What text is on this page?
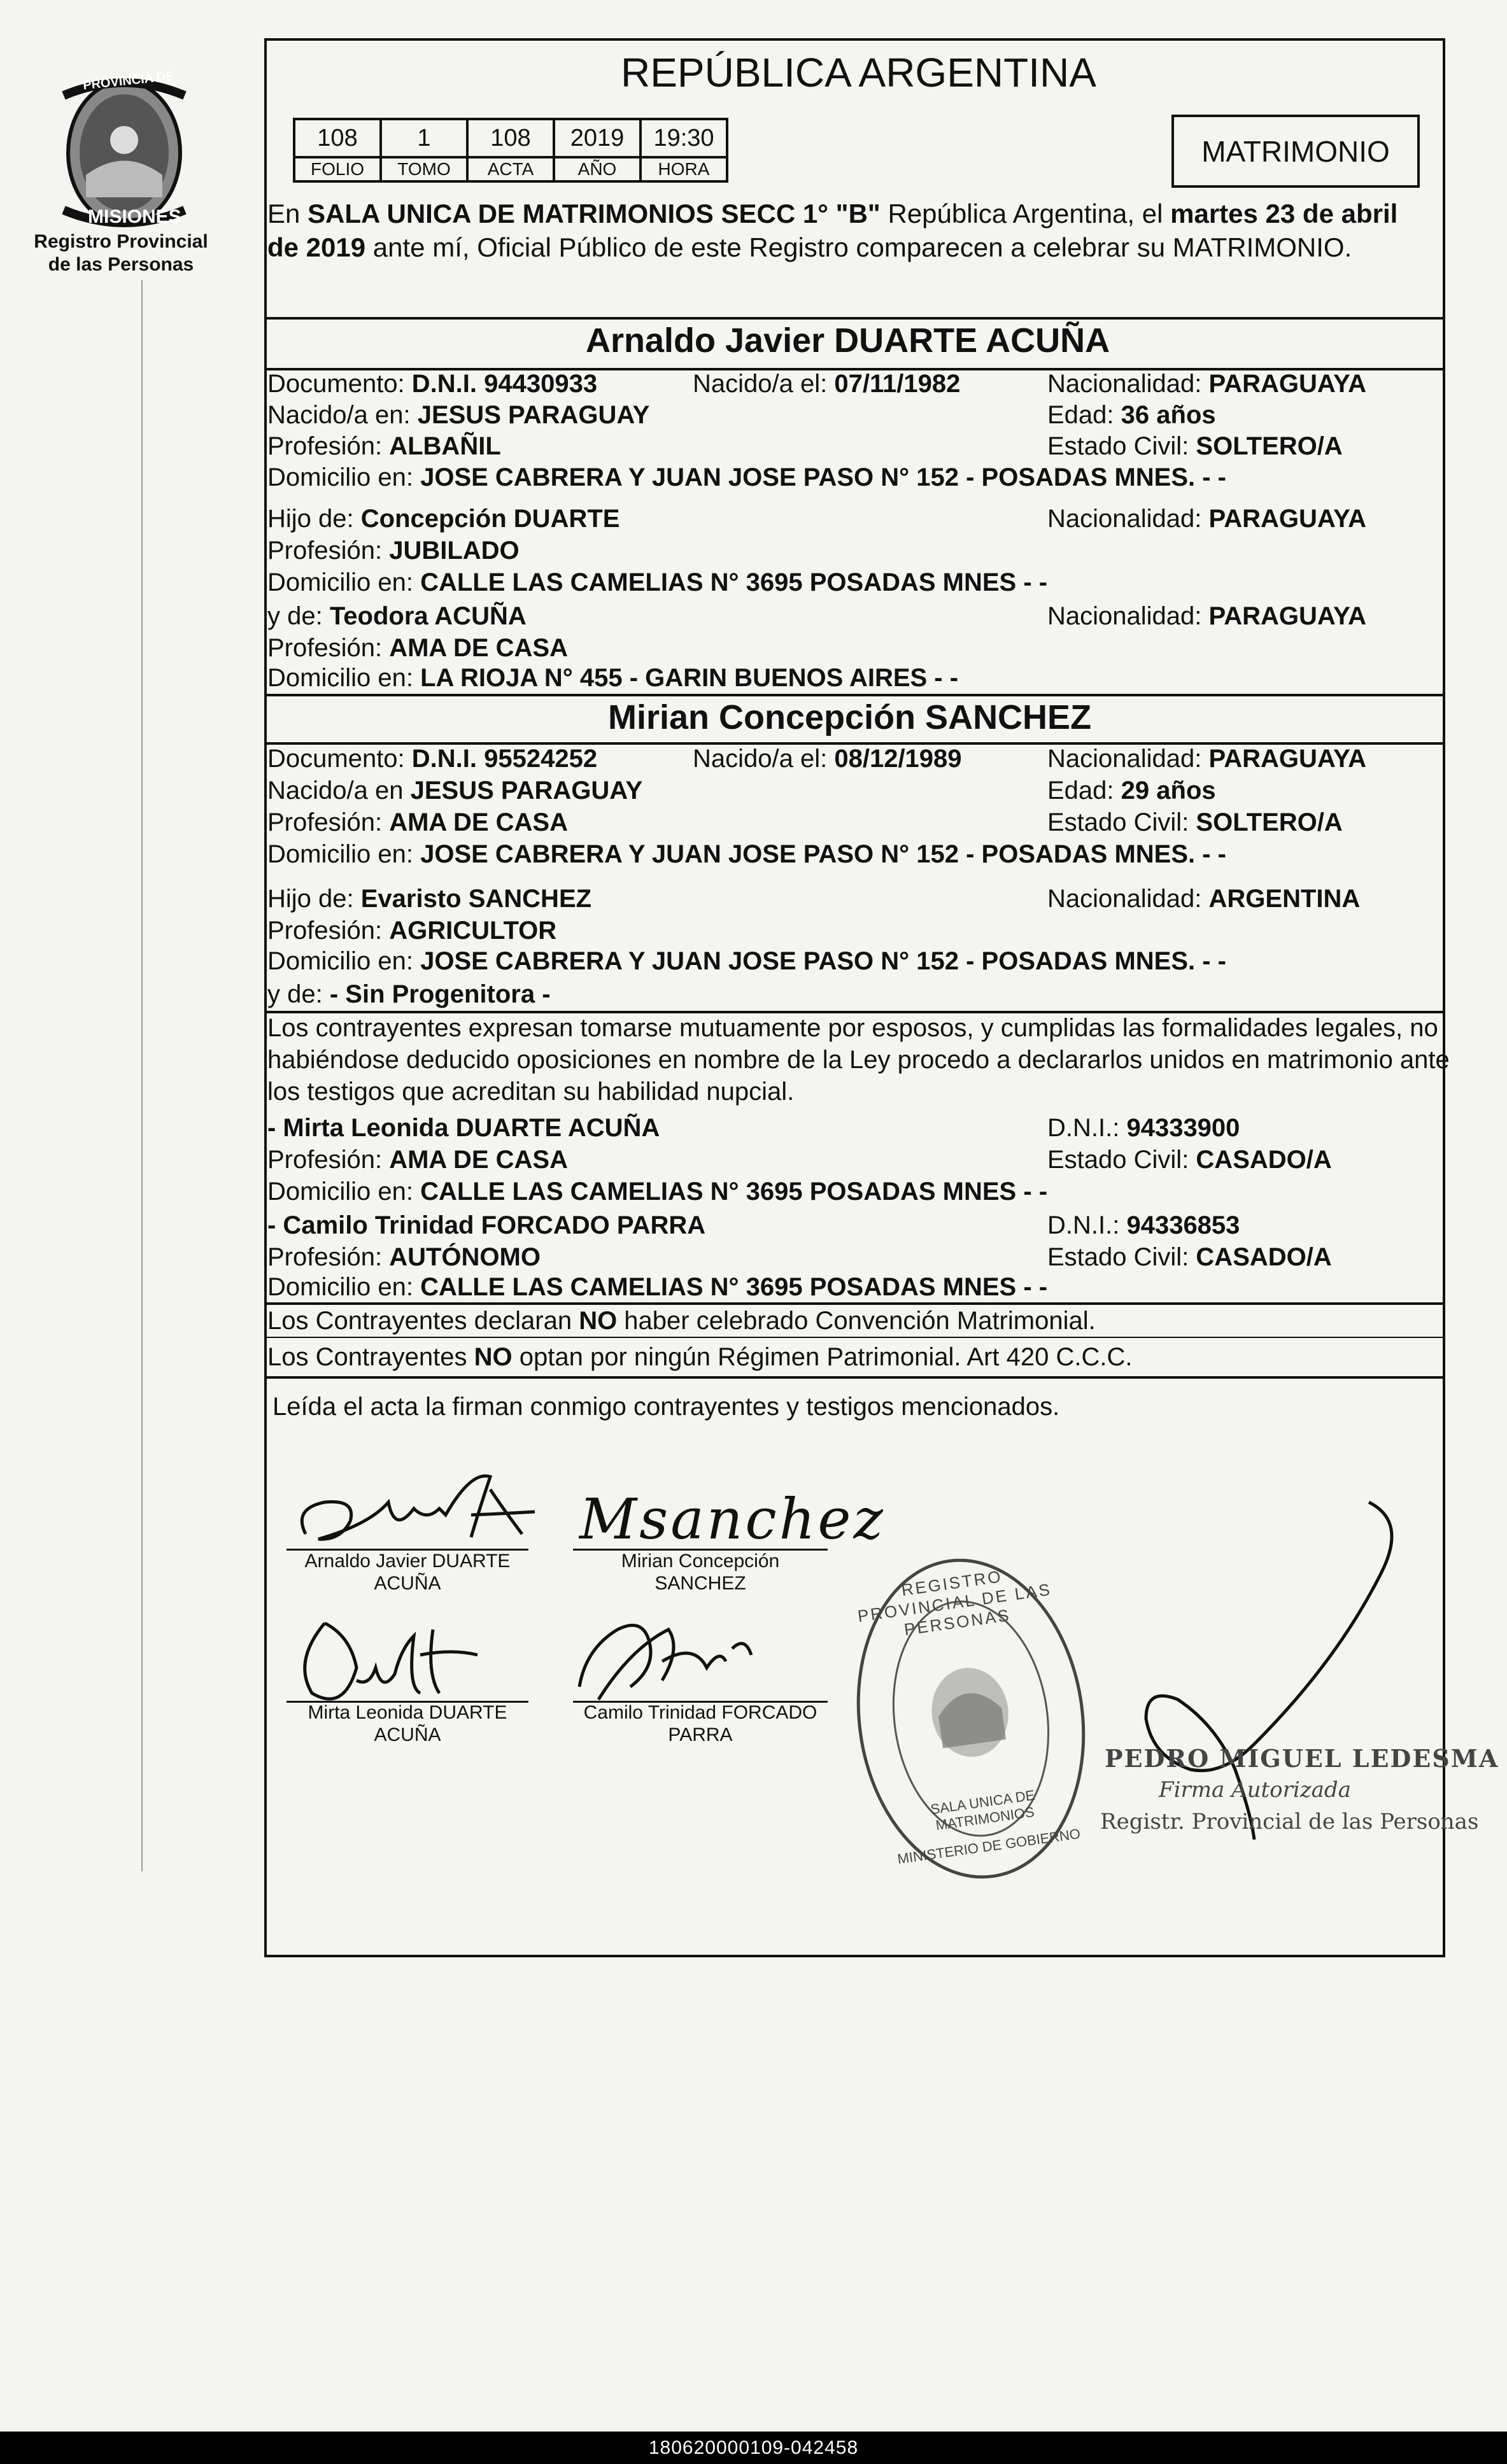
PROVINCIA DE
MISIONES
Registro Provincial
de las Personas
REPÚBLICA ARGENTINA
108	1	108	2019	19:30
FOLIO	TOMO	ACTA	AÑO	HORA
MATRIMONIO
En SALA UNICA DE MATRIMONIOS SECC 1° "B" República Argentina, el martes 23 de abril
de 2019 ante mí, Oficial Público de este Registro comparecen a celebrar su MATRIMONIO.
Arnaldo Javier DUARTE ACUÑA
Documento: D.N.I. 94430933	Nacido/a el: 07/11/1982	Nacionalidad: PARAGUAYA
Nacido/a en: JESUS PARAGUAY	Edad: 36 años
Profesión: ALBAÑIL	Estado Civil: SOLTERO/A
Domicilio en: JOSE CABRERA Y JUAN JOSE PASO N° 152 - POSADAS MNES. - -
Hijo de: Concepción DUARTE	Nacionalidad: PARAGUAYA
Profesión: JUBILADO
Domicilio en: CALLE LAS CAMELIAS N° 3695 POSADAS MNES - -
y de: Teodora ACUÑA	Nacionalidad: PARAGUAYA
Profesión: AMA DE CASA
Domicilio en: LA RIOJA N° 455 - GARIN BUENOS AIRES - -
Mirian Concepción SANCHEZ
Documento: D.N.I. 95524252	Nacido/a el: 08/12/1989	Nacionalidad: PARAGUAYA
Nacido/a en JESUS PARAGUAY	Edad: 29 años
Profesión: AMA DE CASA	Estado Civil: SOLTERO/A
Domicilio en: JOSE CABRERA Y JUAN JOSE PASO N° 152 - POSADAS MNES. - -
Hijo de: Evaristo SANCHEZ	Nacionalidad: ARGENTINA
Profesión: AGRICULTOR
Domicilio en: JOSE CABRERA Y JUAN JOSE PASO N° 152 - POSADAS MNES. - -
y de: - Sin Progenitora -
Los contrayentes expresan tomarse mutuamente por esposos, y cumplidas las formalidades legales, no
habiéndose deducido oposiciones en nombre de la Ley procedo a declararlos unidos en matrimonio ante
los testigos que acreditan su habilidad nupcial.
- Mirta Leonida DUARTE ACUÑA	D.N.I.: 94333900
Profesión: AMA DE CASA	Estado Civil: CASADO/A
Domicilio en: CALLE LAS CAMELIAS N° 3695 POSADAS MNES - -
- Camilo Trinidad FORCADO PARRA	D.N.I.: 94336853
Profesión: AUTÓNOMO	Estado Civil: CASADO/A
Domicilio en: CALLE LAS CAMELIAS N° 3695 POSADAS MNES - -
Los Contrayentes declaran NO haber celebrado Convención Matrimonial.
Los Contrayentes NO optan por ningún Régimen Patrimonial. Art 420 C.C.C.
Leída el acta la firman conmigo contrayentes y testigos mencionados.
Arnaldo Javier DUARTE
ACUÑA
Msanchez
Mirian Concepción
SANCHEZ
Mirta Leonida DUARTE
ACUÑA
Camilo Trinidad FORCADO
PARRA
REGISTRO PROVINCIAL DE LAS PERSONAS
SALA UNICA DE MATRIMONIOS
MINISTERIO DE GOBIERNO
PEDRO MIGUEL LEDESMA
Firma Autorizada
Registr. Provincial de las Personas
180620000109-042458
